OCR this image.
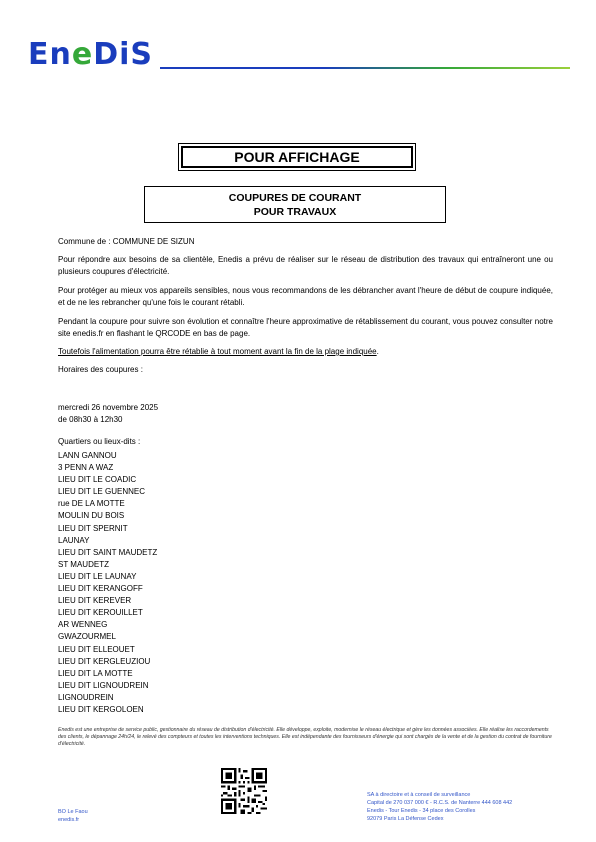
EneDiS
POUR AFFICHAGE
COUPURES DE COURANT
POUR TRAVAUX
Commune de : COMMUNE DE SIZUN
Pour répondre aux besoins de sa clientèle, Enedis a prévu de réaliser sur le réseau de distribution des travaux qui entraîneront une ou plusieurs coupures d'électricité.
Pour protéger au mieux vos appareils sensibles, nous vous recommandons de les débrancher avant l'heure de début de coupure indiquée, et de ne les rebrancher qu'une fois le courant rétabli.
Pendant la coupure pour suivre son évolution et connaître l'heure approximative de rétablissement du courant, vous pouvez consulter notre site enedis.fr en flashant le QRCODE en bas de page.
Toutefois l'alimentation pourra être rétablie à tout moment avant la fin de la plage indiquée.
Horaires des coupures :
mercredi 26 novembre 2025
de 08h30 à 12h30
Quartiers ou lieux-dits :
LANN GANNOU
3 PENN A WAZ
LIEU DIT LE COADIC
LIEU DIT LE GUENNEC
rue DE LA MOTTE
MOULIN DU BOIS
LIEU DIT SPERNIT
LAUNAY
LIEU DIT SAINT MAUDETZ
ST MAUDETZ
LIEU DIT LE LAUNAY
LIEU DIT KERANGOFF
LIEU DIT KEREVER
LIEU DIT KEROUILLET
AR WENNEG
GWAZOURMEL
LIEU DIT ELLEOUET
LIEU DIT KERGLEUZIOU
LIEU DIT LA MOTTE
LIEU DIT LIGNOUDREIN
LIGNOUDREIN
LIEU DIT KERGOLOEN
Enedis est une entreprise de service public, gestionnaire du réseau de distribution d'électricité. Elle développe, exploite, modernise le réseau électrique et gère les données associées. Elle réalise les raccordements des clients, le dépannage 24h/24, le relevé des compteurs et toutes les interventions techniques. Elle est indépendante des fournisseurs d'énergie qui sont chargés de la vente et de la gestion du contrat de fourniture d'électricité.
BO Le Faou
enedis.fr
SA à directoire et à conseil de surveillance
Capital de 270 037 000 € - R.C.S. de Nanterre 444 608 442
Enedis - Tour Enedis - 34 place des Corolles
92079 Paris La Défense Cedex
